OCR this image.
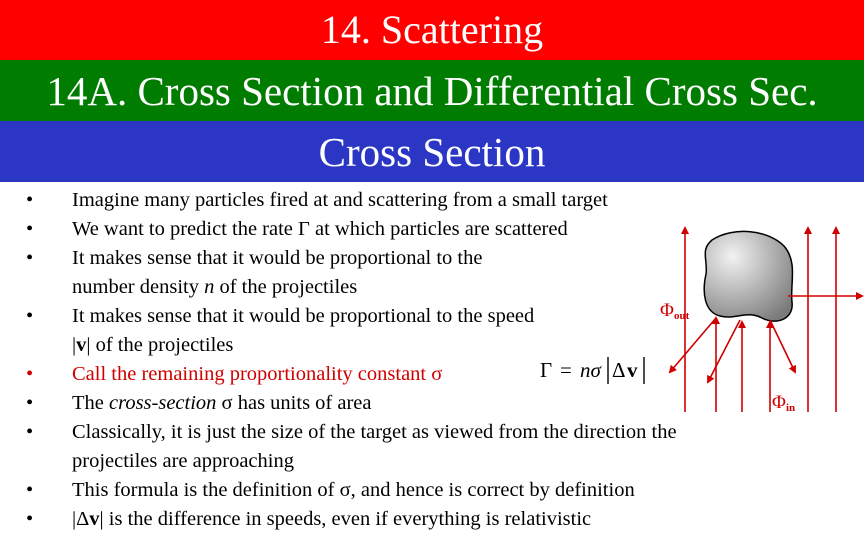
14. Scattering
14A. Cross Section and Differential Cross Sec.
Cross Section
• Imagine many particles fired at and scattering from a small target
• We want to predict the rate Γ at which particles are scattered
• It makes sense that it would be proportional to the
number density n of the projectiles
• It makes sense that it would be proportional to the speed
|v| of the projectiles
• Call the remaining proportionality constant σ
• The cross-section σ has units of area
• Classically, it is just the size of the target as viewed from the direction the
projectiles are approaching
• This formula is the definition of σ, and hence is correct by definition
• |Δv| is the difference in speeds, even if everything is relativistic
Γ = nσ Δ v
Φ out
Φ in
